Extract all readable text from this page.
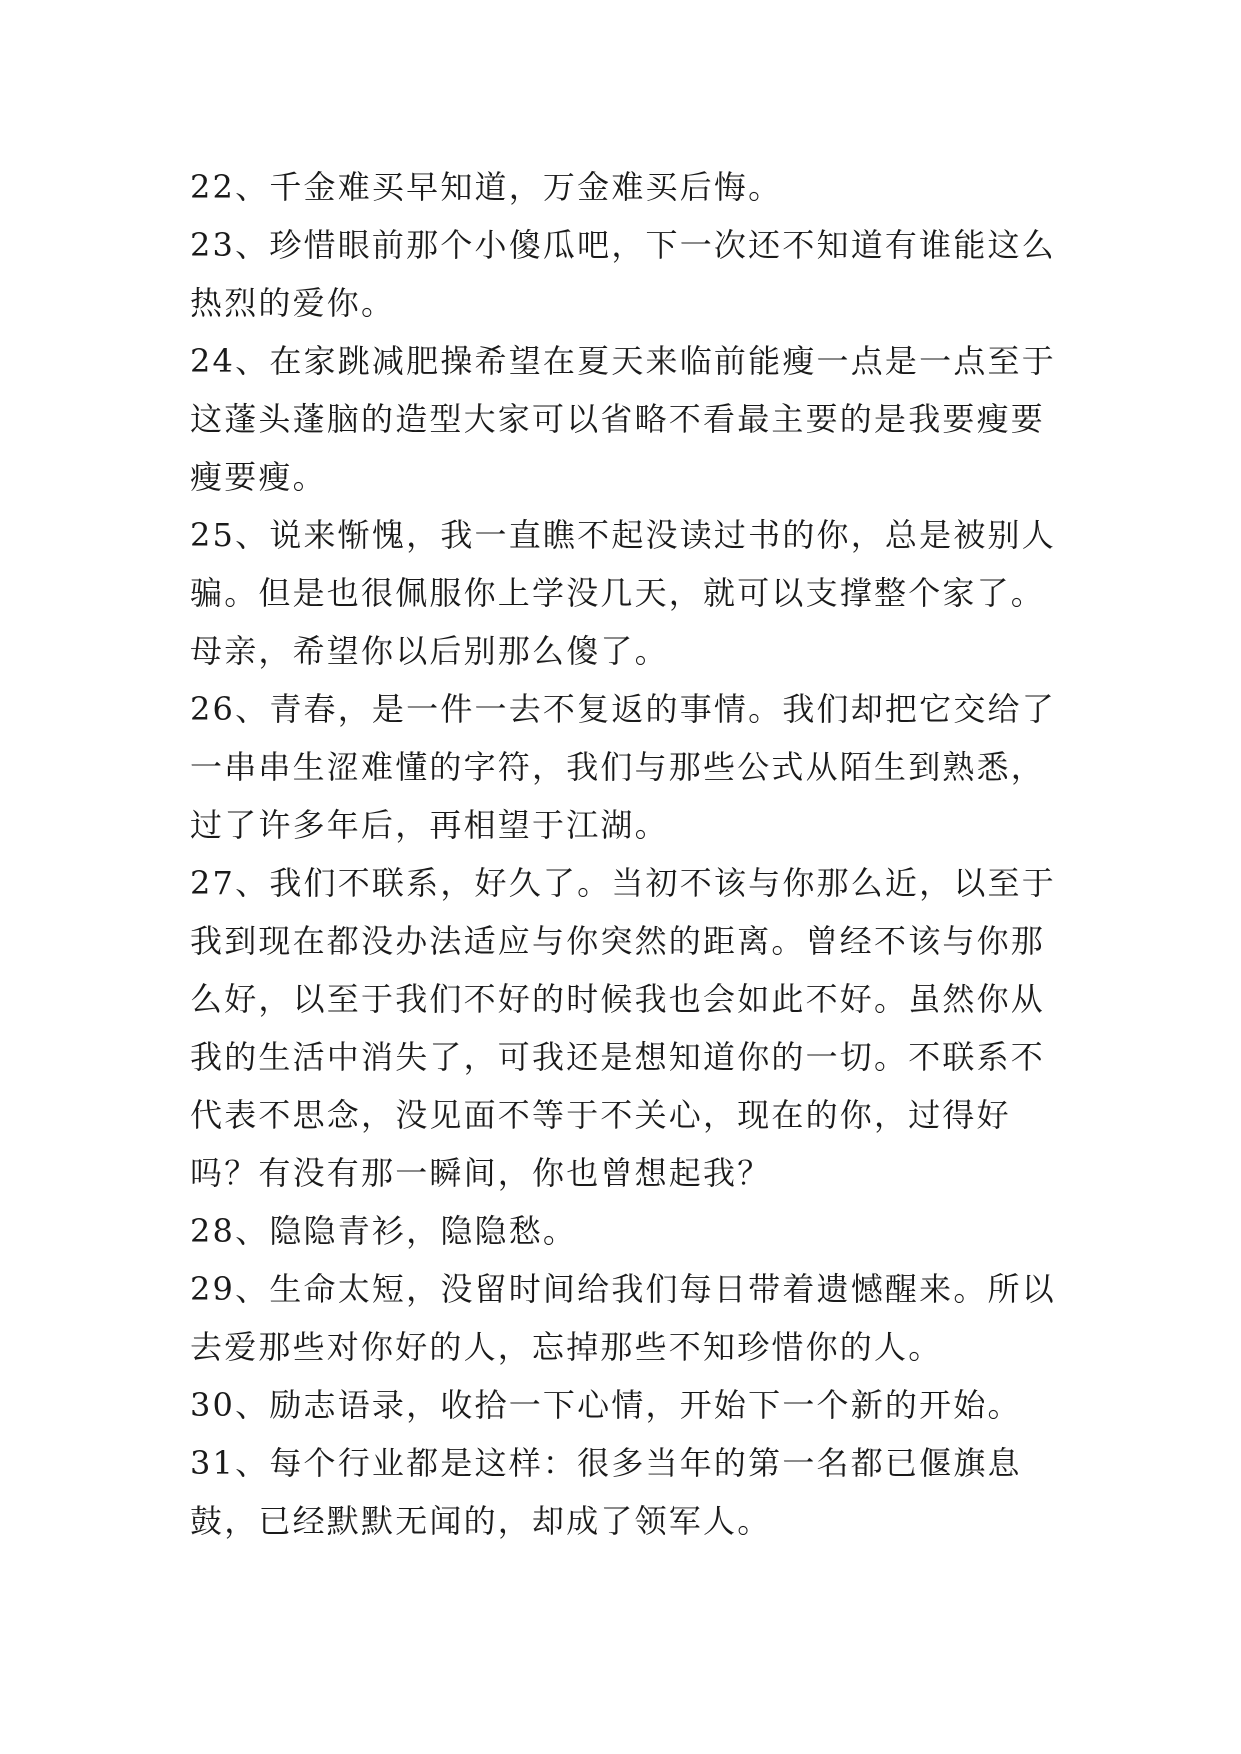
22、千金难买早知道，万金难买后悔。

23、珍惜眼前那个小傻瓜吧，下一次还不知道有谁能这么热烈的爱你。

24、在家跳减肥操希望在夏天来临前能瘦一点是一点至于这蓬头蓬脑的造型大家可以省略不看最主要的是我要瘦要瘦要瘦。

25、说来惭愧，我一直瞧不起没读过书的你，总是被别人骗。但是也很佩服你上学没几天，就可以支撑整个家了。母亲，希望你以后别那么傻了。

26、青春，是一件一去不复返的事情。我们却把它交给了一串串生涩难懂的字符，我们与那些公式从陌生到熟悉，过了许多年后，再相望于江湖。

27、我们不联系，好久了。当初不该与你那么近，以至于我到现在都没办法适应与你突然的距离。曾经不该与你那么好，以至于我们不好的时候我也会如此不好。虽然你从我的生活中消失了，可我还是想知道你的一切。不联系不代表不思念，没见面不等于不关心，现在的你，过得好吗？有没有那一瞬间，你也曾想起我？

28、隐隐青衫，隐隐愁。

29、生命太短，没留时间给我们每日带着遗憾醒来。所以去爱那些对你好的人，忘掉那些不知珍惜你的人。

30、励志语录，收拾一下心情，开始下一个新的开始。

31、每个行业都是这样：很多当年的第一名都已偃旗息鼓，已经默默无闻的，却成了领军人。
